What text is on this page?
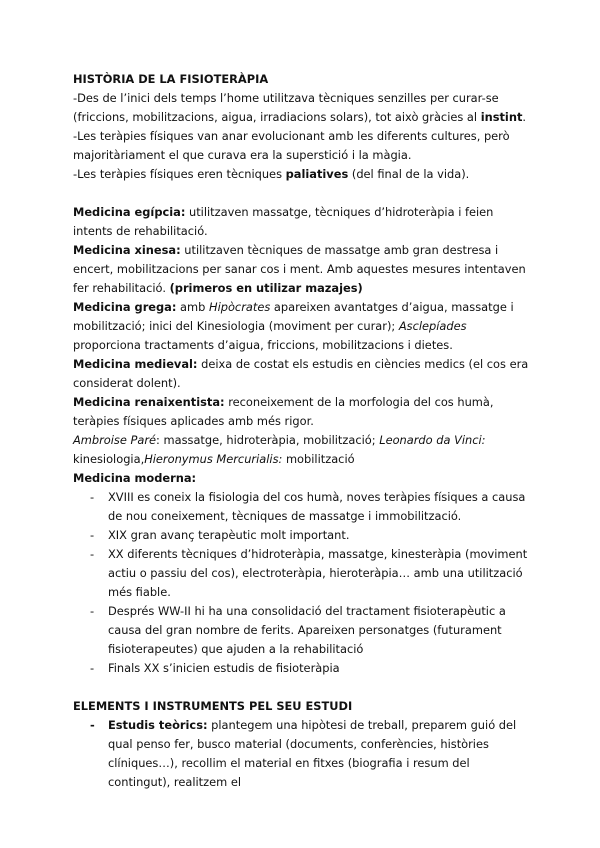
HISTÒRIA DE LA FISIOTERÀPIA

-Des de l’inici dels temps l’home utilitzava tècniques senzilles per curar-se (friccions, mobilitzacions, aigua, irradiacions solars), tot això gràcies al instint.

-Les teràpies físiques van anar evolucionant amb les diferents cultures, però majoritàriament el que curava era la superstició i la màgia.

-Les teràpies físiques eren tècniques paliatives (del final de la vida).

Medicina egípcia: utilitzaven massatge, tècniques d’hidroteràpia i feien intents de rehabilitació.

Medicina xinesa: utilitzaven tècniques de massatge amb gran destresa i encert, mobilitzacions per sanar cos i ment. Amb aquestes mesures intentaven fer rehabilitació. (primeros en utilizar mazajes)

Medicina grega: amb Hipòcrates apareixen avantatges d’aigua, massatge i mobilització; inici del Kinesiologia (moviment per curar); Asclepíades proporciona tractaments d’aigua, friccions, mobilitzacions i dietes.

Medicina medieval: deixa de costat els estudis en ciències medics (el cos era considerat dolent).

Medicina renaixentista: reconeixement de la morfologia del cos humà, teràpies físiques aplicades amb més rigor.

Ambroise Paré: massatge, hidroteràpia, mobilització; Leonardo da Vinci: kinesiologia,Hieronymus Mercurialis: mobilització

Medicina moderna:

- XVIII es coneix la fisiologia del cos humà, noves teràpies físiques a causa de nou coneixement, tècniques de massatge i immobilització.
- XIX gran avanç terapèutic molt important.
- XX diferents tècniques d’hidroteràpia, massatge, kinesteràpia (moviment actiu o passiu del cos), electroteràpia, hieroteràpia… amb una utilització més fiable.
- Després WW-II hi ha una consolidació del tractament fisioterapèutic a causa del gran nombre de ferits. Apareixen personatges (futurament fisioterapeutes) que ajuden a la rehabilitació
- Finals XX s’inicien estudis de fisioteràpia

ELEMENTS I INSTRUMENTS PEL SEU ESTUDI

- Estudis teòrics: plantegem una hipòtesi de treball, preparem guió del qual penso fer, busco material (documents, conferències, històries clíniques…), recollim el material en fitxes (biografia i resum del contingut), realitzem el
